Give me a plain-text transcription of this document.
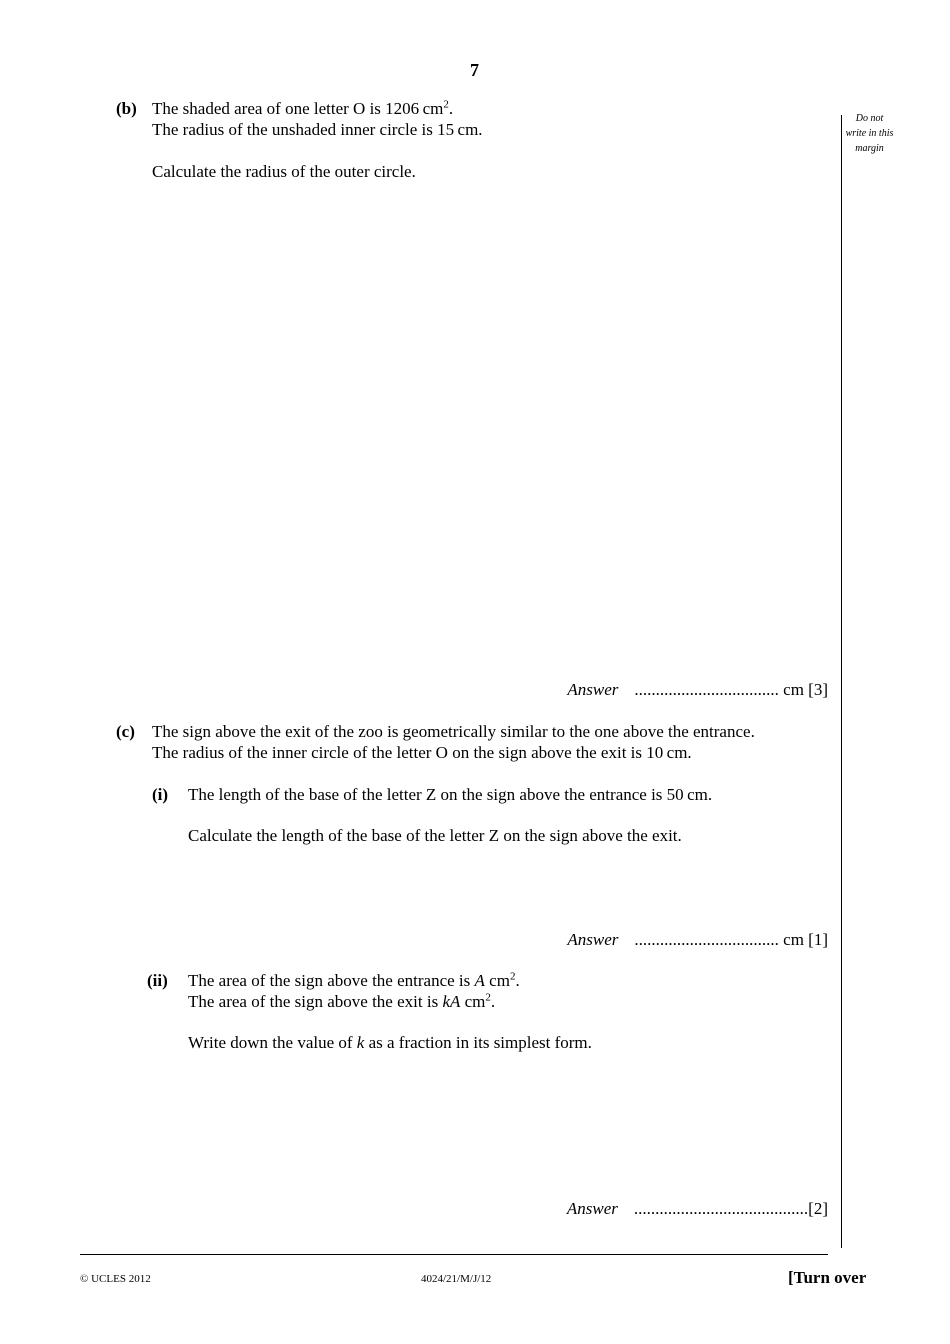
7
Do not
write in this
margin
(b) The shaded area of one letter O is 1206 $cm^2$.
The radius of the unshaded inner circle is 15 cm.
Calculate the radius of the outer circle.
Answer .................................. cm [3]
(c) The sign above the exit of the zoo is geometrically similar to the one above the entrance.
The radius of the inner circle of the letter O on the sign above the exit is 10 cm.
(i) The length of the base of the letter Z on the sign above the entrance is 50 cm.
Calculate the length of the base of the letter Z on the sign above the exit.
Answer .................................. cm [1]
(ii) The area of the sign above the entrance is A $cm^2$.
The area of the sign above the exit is kA $cm^2$.
Write down the value of k as a fraction in its simplest form.
Answer .........................................[2]
© UCLES 2012	4024/21/M/J/12	[Turn over
